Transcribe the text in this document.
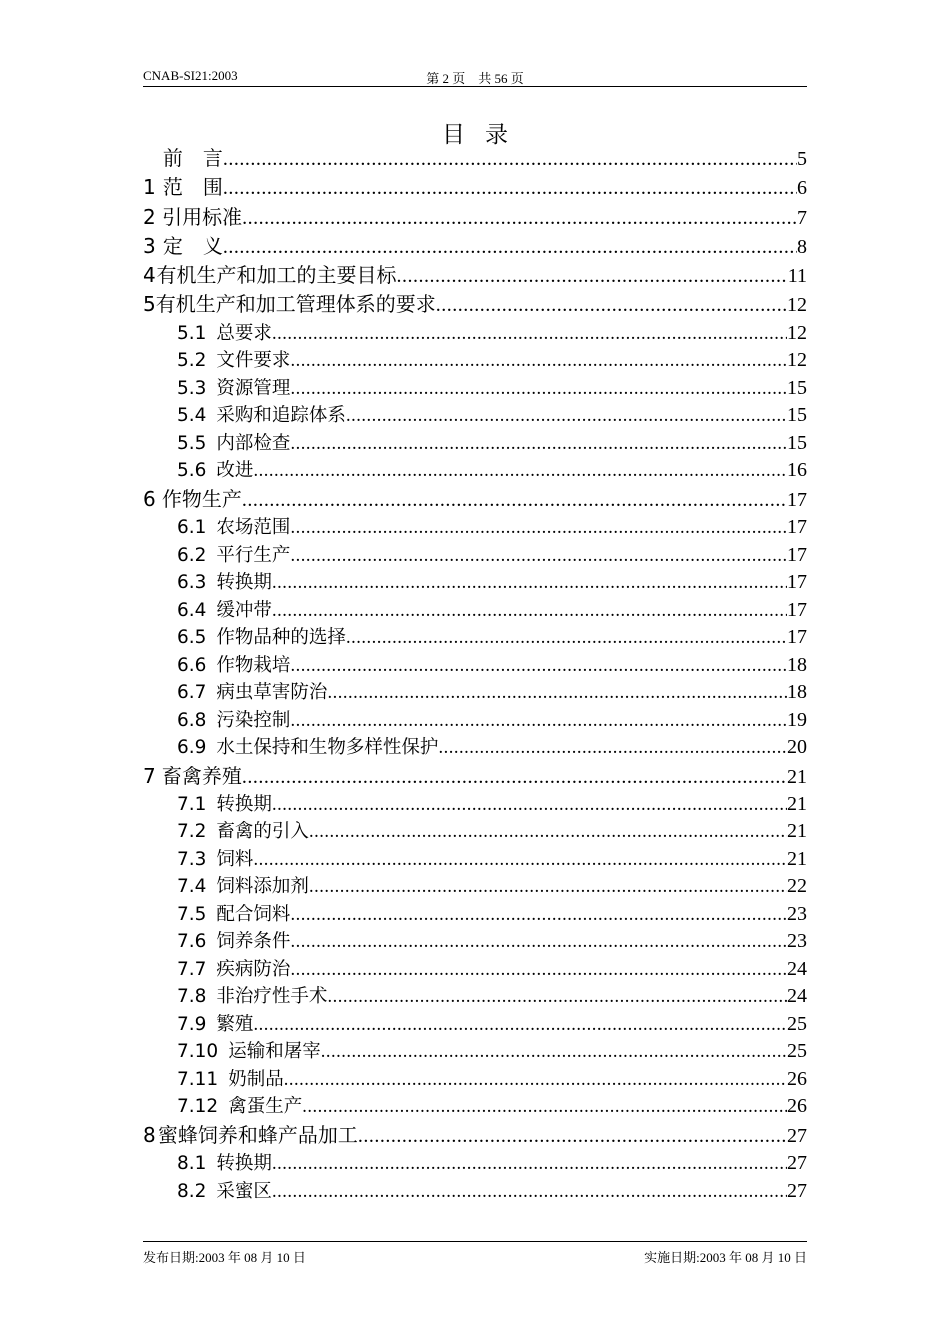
CNAB-SI21:2003	第 2 页　共 56 页
目录
前　言 .....	5
1 范　围 .....	6
2 引用标准 .....	7
3 定　义 .....	8
4 有机生产和加工的主要目标 .....	11
5 有机生产和加工管理体系的要求 .....	12
5.1 总要求 .....	12
5.2 文件要求 .....	12
5.3 资源管理 .....	15
5.4 采购和追踪体系 .....	15
5.5 内部检查 .....	15
5.6 改进 .....	16
6 作物生产 .....	17
6.1 农场范围 .....	17
6.2 平行生产 .....	17
6.3 转换期 .....	17
6.4 缓冲带 .....	17
6.5 作物品种的选择 .....	17
6.6 作物栽培 .....	18
6.7 病虫草害防治 .....	18
6.8 污染控制 .....	19
6.9 水土保持和生物多样性保护 .....	20
7 畜禽养殖 .....	21
7.1 转换期 .....	21
7.2 畜禽的引入 .....	21
7.3 饲料 .....	21
7.4 饲料添加剂 .....	22
7.5 配合饲料 .....	23
7.6 饲养条件 .....	23
7.7 疾病防治 .....	24
7.8 非治疗性手术 .....	24
7.9 繁殖 .....	25
7.10 运输和屠宰 .....	25
7.11 奶制品 .....	26
7.12 禽蛋生产 .....	26
8 蜜蜂饲养和蜂产品加工 .....	27
8.1 转换期 .....	27
8.2 采蜜区 .....	27
发布日期:2003 年 08 月 10 日	实施日期:2003 年 08 月 10 日
